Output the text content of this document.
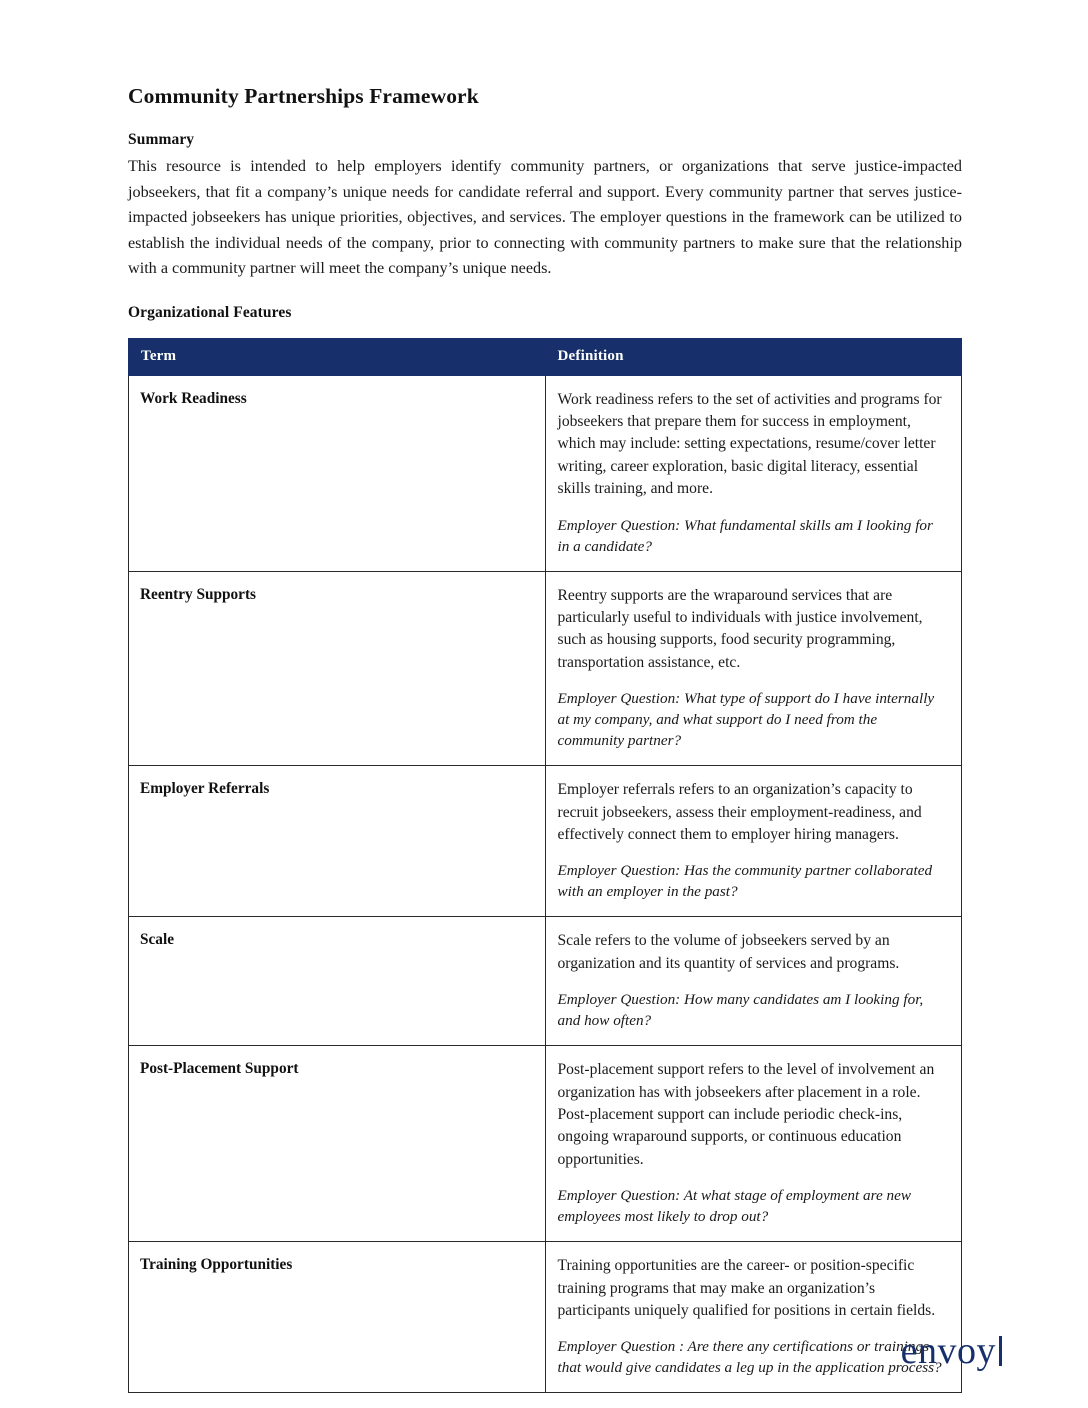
Community Partnerships Framework
Summary

This resource is intended to help employers identify community partners, or organizations that serve justice-impacted jobseekers, that fit a company’s unique needs for candidate referral and support. Every community partner that serves justice-impacted jobseekers has unique priorities, objectives, and services. The employer questions in the framework can be utilized to establish the individual needs of the company, prior to connecting with community partners to make sure that the relationship with a community partner will meet the company’s unique needs.

Organizational Features
Term	Definition
Work Readiness	Work readiness refers to the set of activities and programs for jobseekers that prepare them for success in employment, which may include: setting expectations, resume/cover letter writing, career exploration, basic digital literacy, essential skills training, and more.

Employer Question: What fundamental skills am I looking for in a candidate?

Reentry Supports	Reentry supports are the wraparound services that are particularly useful to individuals with justice involvement, such as housing supports, food security programming, transportation assistance, etc.

Employer Question: What type of support do I have internally at my company, and what support do I need from the community partner?

Employer Referrals	Employer referrals refers to an organization’s capacity to recruit jobseekers, assess their employment-readiness, and effectively connect them to employer hiring managers.

Employer Question: Has the community partner collaborated with an employer in the past?

Scale	Scale refers to the volume of jobseekers served by an organization and its quantity of services and programs.

Employer Question: How many candidates am I looking for, and how often?

Post-Placement Support	Post-placement support refers to the level of involvement an organization has with jobseekers after placement in a role. Post-placement support can include periodic check-ins, ongoing wraparound supports, or continuous education opportunities.

Employer Question: At what stage of employment are new employees most likely to drop out?

Training Opportunities	Training opportunities are the career- or position-specific training programs that may make an organization’s participants uniquely qualified for positions in certain fields.

Employer Question : Are there any certifications or trainings that would give candidates a leg up in the application process?

envoy
